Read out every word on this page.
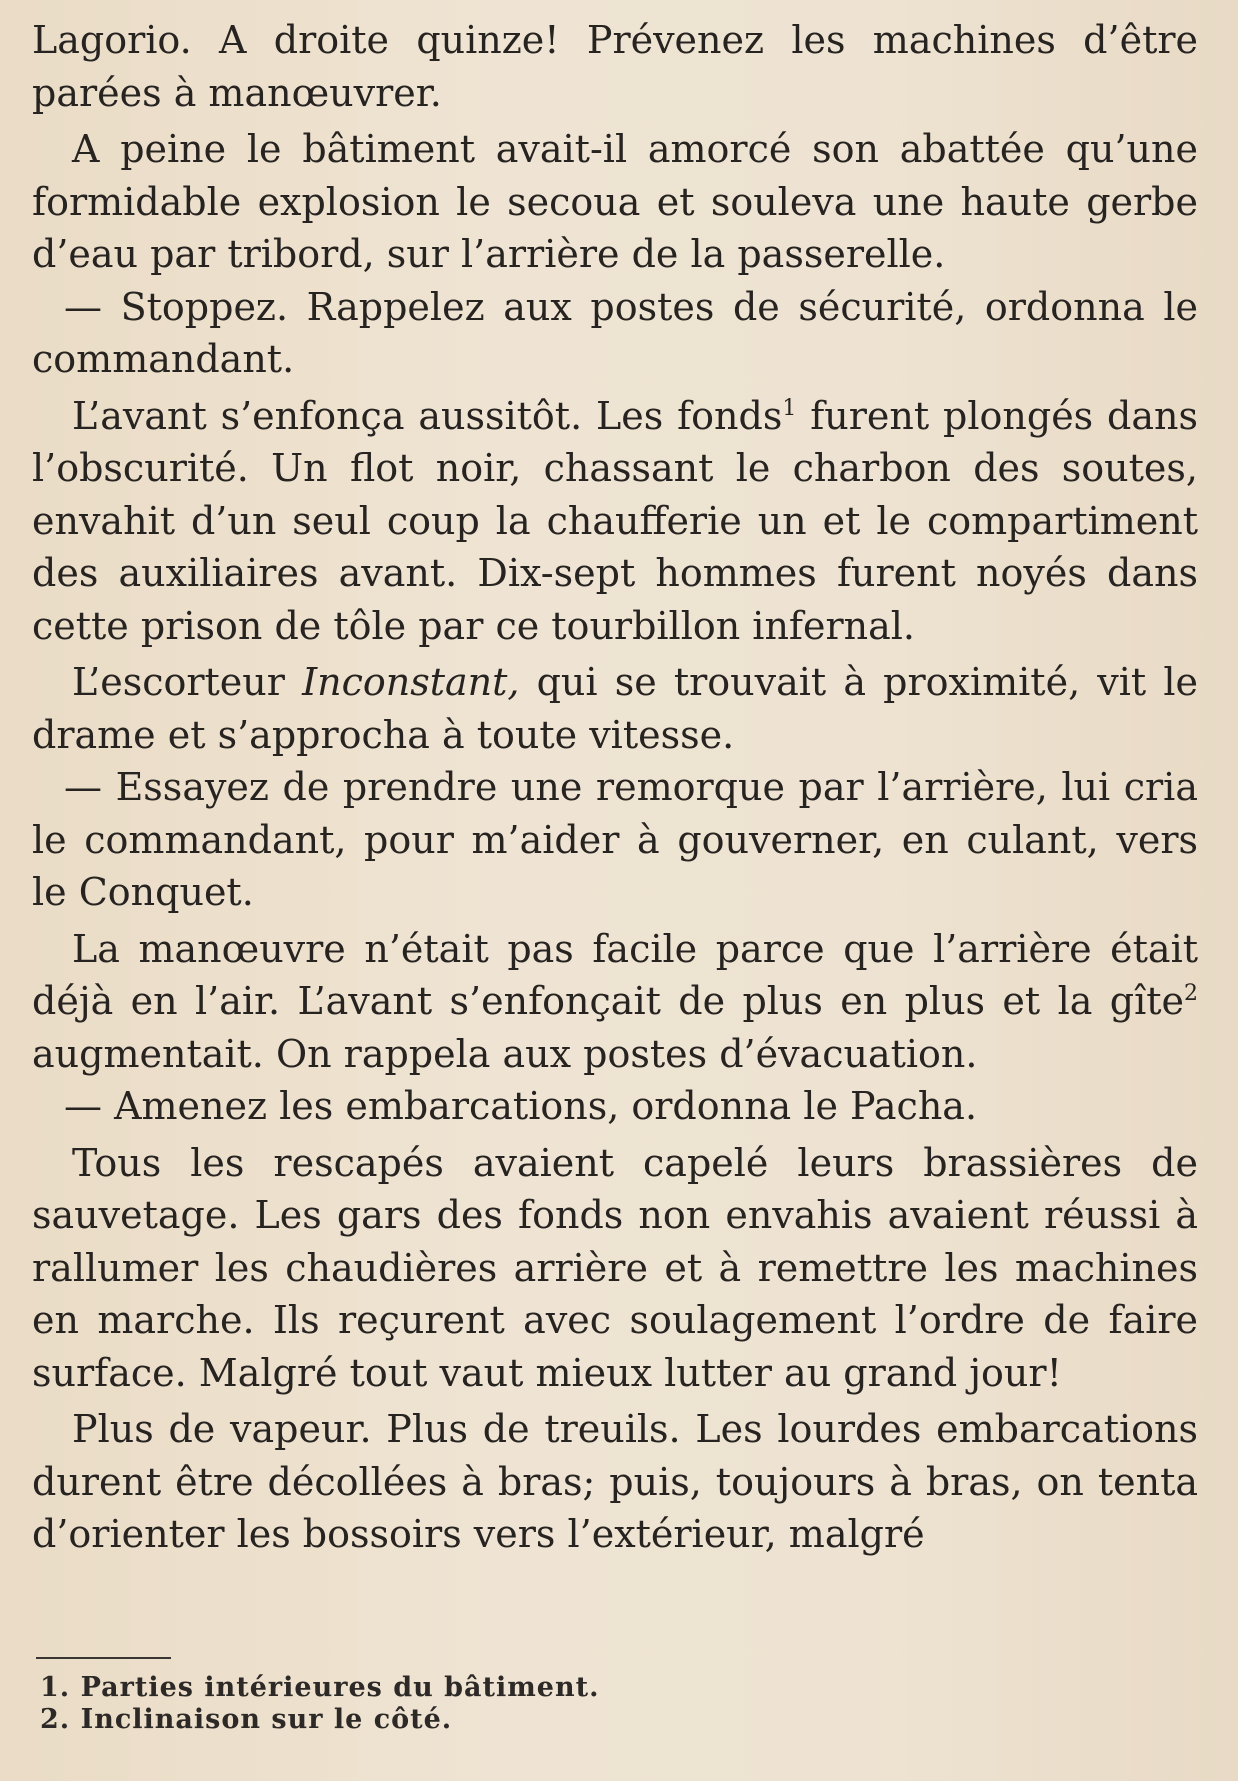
Lagorio. A droite quinze! Prévenez les machines d’être parées à manœuvrer.

A peine le bâtiment avait-il amorcé son abattée qu’une formidable explosion le secoua et souleva une haute gerbe d’eau par tribord, sur l’arrière de la passerelle.

— Stoppez. Rappelez aux postes de sécurité, ordonna le commandant.

L’avant s’enfonça aussitôt. Les fonds$^1$ furent plongés dans l’obscurité. Un flot noir, chassant le charbon des soutes, envahit d’un seul coup la chaufferie un et le compartiment des auxiliaires avant. Dix-sept hommes furent noyés dans cette prison de tôle par ce tourbillon infernal.

L’escorteur Inconstant, qui se trouvait à proximité, vit le drame et s’approcha à toute vitesse.

— Essayez de prendre une remorque par l’arrière, lui cria le commandant, pour m’aider à gouverner, en culant, vers le Conquet.

La manœuvre n’était pas facile parce que l’arrière était déjà en l’air. L’avant s’enfonçait de plus en plus et la gîte$^2$ augmentait. On rappela aux postes d’évacuation.

— Amenez les embarcations, ordonna le Pacha.

Tous les rescapés avaient capelé leurs brassières de sauvetage. Les gars des fonds non envahis avaient réussi à rallumer les chaudières arrière et à remettre les machines en marche. Ils reçurent avec soulagement l’ordre de faire surface. Malgré tout vaut mieux lutter au grand jour!

Plus de vapeur. Plus de treuils. Les lourdes embarcations durent être décollées à bras; puis, toujours à bras, on tenta d’orienter les bossoirs vers l’extérieur, malgré

1. Parties intérieures du bâtiment.

2. Inclinaison sur le côté.
